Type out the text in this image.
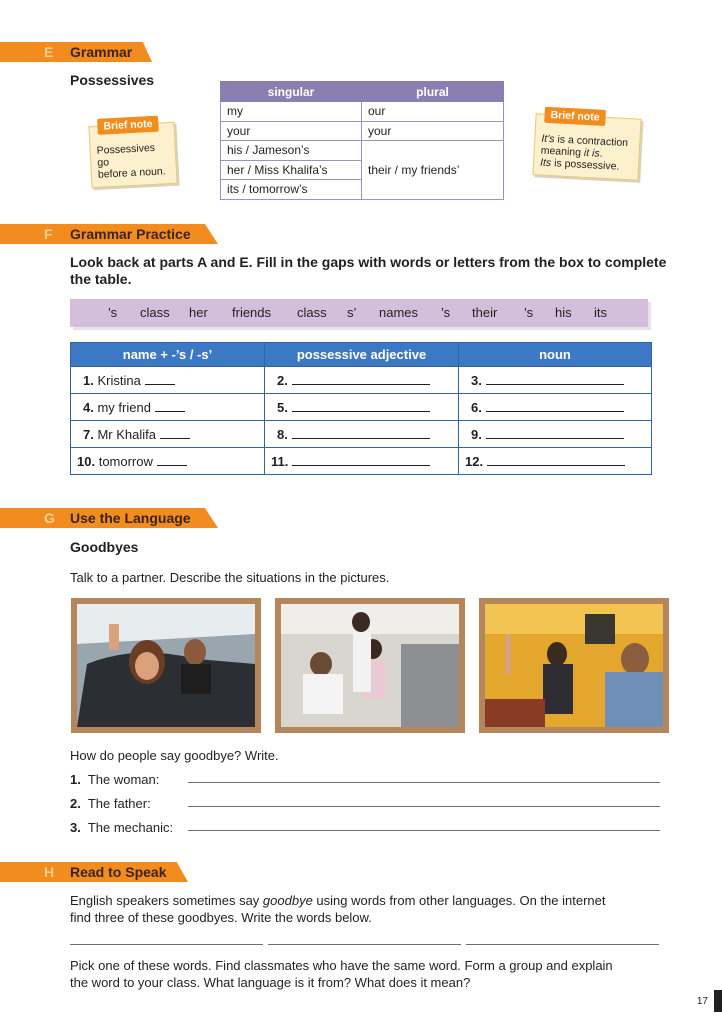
E Grammar
Possessives
Brief note
Possessives go
before a noun.
singular	plural
my	our
your	your
his / Jameson’s	their / my friends’
her / Miss Khalifa’s	
its / tomorrow’s	
Brief note
It’s is a contraction
meaning it is.
Its is possessive.
F Grammar Practice
Look back at parts A and E. Fill in the gaps with words or letters from the box to complete
the table.
’s class her friends class s’ names ’s their ’s his its
name + -’s / -s’	possessive adjective	noun
1. Kristina	2.	3.
4. my friend	5.	6.
7. Mr Khalifa	8.	9.
10. tomorrow	11.	12.
G Use the Language
Goodbyes
Talk to a partner. Describe the situations in the pictures.
How do people say goodbye? Write.
1. The woman:
2. The father:
3. The mechanic:
H Read to Speak
English speakers sometimes say goodbye using words from other languages. On the internet
find three of these goodbyes. Write the words below.
Pick one of these words. Find classmates who have the same word. Form a group and explain
the word to your class. What language is it from? What does it mean?
17
